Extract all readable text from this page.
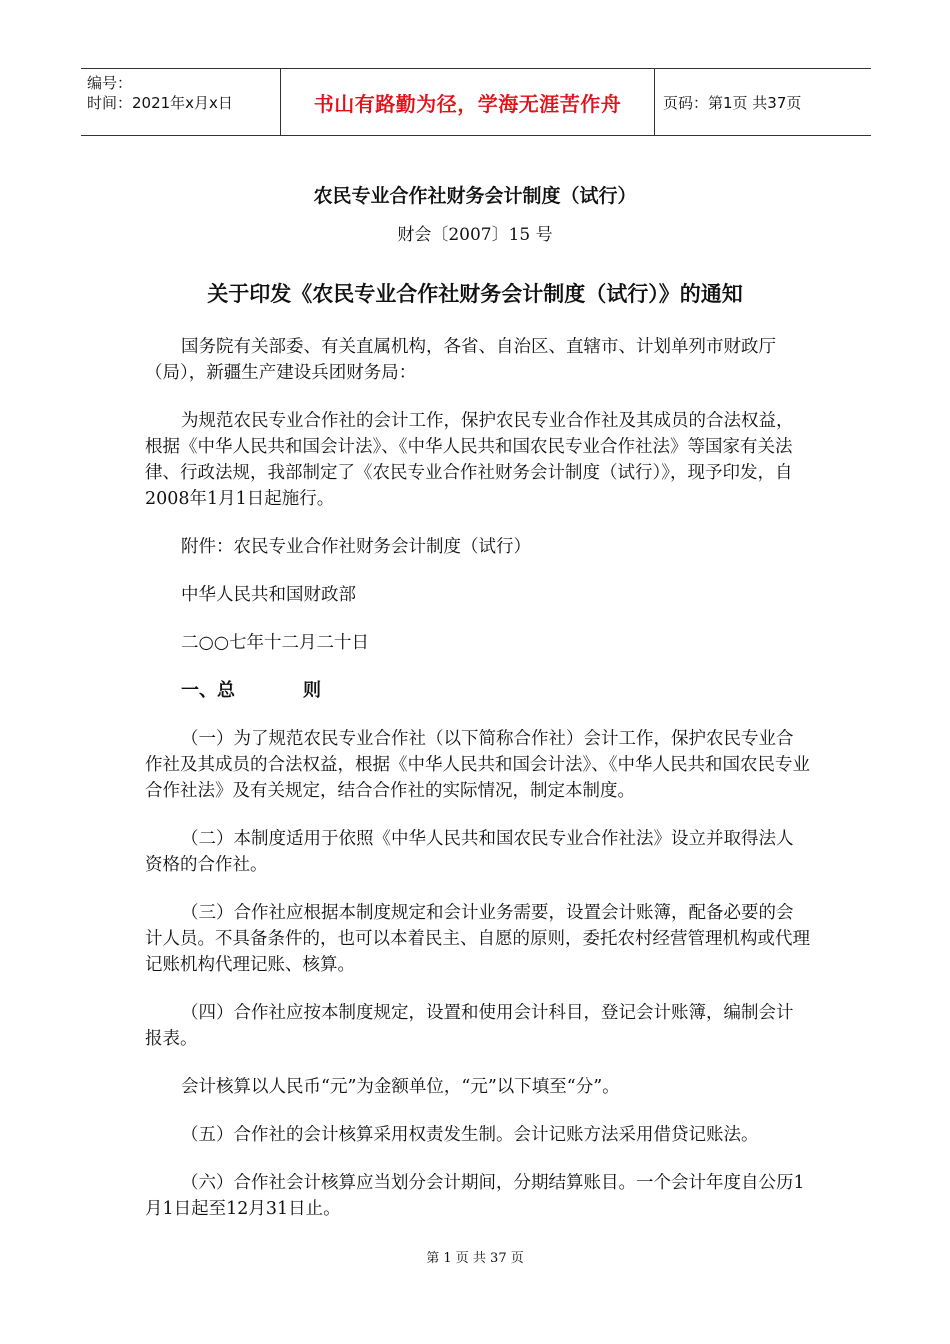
编号：
时间：2021年x月x日	书山有路勤为径，学海无涯苦作舟	页码：第1页 共37页
农民专业合作社财务会计制度（试行）
财会〔2007〕15 号
关于印发《农民专业合作社财务会计制度（试行）》的通知

国务院有关部委、有关直属机构，各省、自治区、直辖市、计划单列市财政厅（局），新疆生产建设兵团财务局：

为规范农民专业合作社的会计工作，保护农民专业合作社及其成员的合法权益，根据《中华人民共和国会计法》、《中华人民共和国农民专业合作社法》等国家有关法律、行政法规，我部制定了《农民专业合作社财务会计制度（试行）》，现予印发，自2008年1月1日起施行。

附件：农民专业合作社财务会计制度（试行）

中华人民共和国财政部

二○○七年十二月二十日

一、总	则

（一）为了规范农民专业合作社（以下简称合作社）会计工作，保护农民专业合作社及其成员的合法权益，根据《中华人民共和国会计法》、《中华人民共和国农民专业合作社法》及有关规定，结合合作社的实际情况，制定本制度。

（二）本制度适用于依照《中华人民共和国农民专业合作社法》设立并取得法人资格的合作社。

（三）合作社应根据本制度规定和会计业务需要，设置会计账簿，配备必要的会计人员。不具备条件的，也可以本着民主、自愿的原则，委托农村经营管理机构或代理记账机构代理记账、核算。

（四）合作社应按本制度规定，设置和使用会计科目，登记会计账簿，编制会计报表。

会计核算以人民币“元”为金额单位，“元”以下填至“分”。

（五）合作社的会计核算采用权责发生制。会计记账方法采用借贷记账法。

（六）合作社会计核算应当划分会计期间，分期结算账目。一个会计年度自公历1月1日起至12月31日止。

第 1 页 共 37 页
